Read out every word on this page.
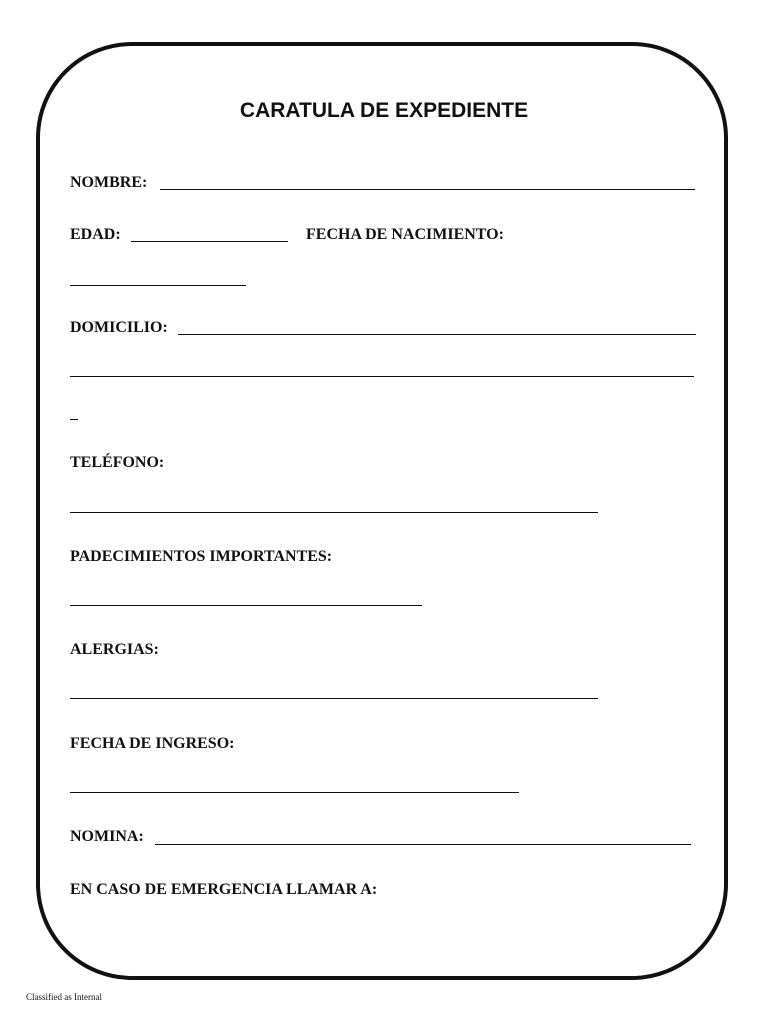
CARATULA DE EXPEDIENTE
NOMBRE:
EDAD:	FECHA DE NACIMIENTO:
DOMICILIO:
TELÉFONO:
PADECIMIENTOS IMPORTANTES:
ALERGIAS:
FECHA DE INGRESO:
NOMINA:
EN CASO DE EMERGENCIA LLAMAR A:
Classified as Internal
